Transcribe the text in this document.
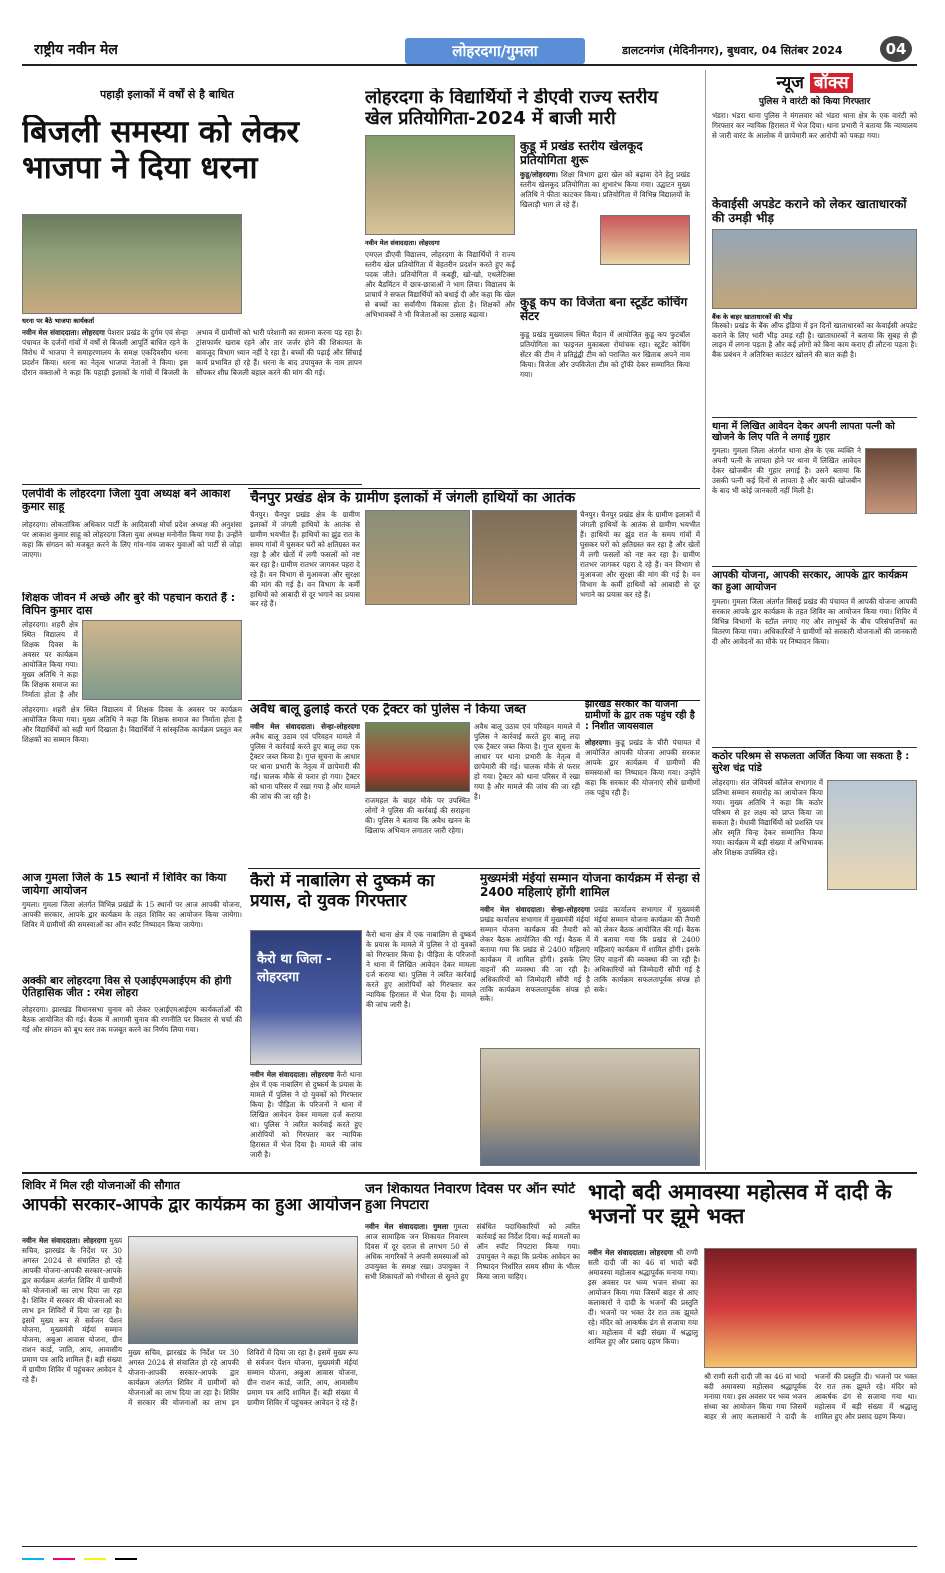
राष्ट्रीय नवीन मेल	लोहरदगा/गुमला	डालटनगंज (मेदिनीनगर), बुधवार, 04 सितंबर 2024	04
पहाड़ी इलाकों में वर्षों से है बाधित
बिजली समस्या को लेकर भाजपा ने दिया धरना
धरना पर बैठे भाजपा कार्यकर्ता

नवीन मेल संवाददाता। लोहरदगा पेशरार प्रखंड के दुर्गम एवं सेन्हा पंचायत के दर्जनों गांवों में वर्षों से बिजली आपूर्ति बाधित रहने के विरोध में भाजपा ने समाहरणालय के समक्ष एकदिवसीय धरना प्रदर्शन किया। धरना का नेतृत्व भाजपा नेताओं ने किया। इस दौरान वक्ताओं ने कहा कि पहाड़ी इलाकों के गांवों में बिजली के अभाव में ग्रामीणों को भारी परेशानी का सामना करना पड़ रहा है। ट्रांसफार्मर खराब रहने और तार जर्जर होने की शिकायत के बावजूद विभाग ध्यान नहीं दे रहा है। बच्चों की पढ़ाई और सिंचाई कार्य प्रभावित हो रहे हैं। धरना के बाद उपायुक्त के नाम ज्ञापन सौंपकर शीघ्र बिजली बहाल करने की मांग की गई।

लोहरदगा के विद्यार्थियों ने डीएवी राज्य स्तरीय खेल प्रतियोगिता-2024 में बाजी मारी
नवीन मेल संवाददाता। लोहरदगा

एमएल डीएवी विद्यालय, लोहरदगा के विद्यार्थियों ने राज्य स्तरीय खेल प्रतियोगिता में बेहतरीन प्रदर्शन करते हुए कई पदक जीते। प्रतियोगिता में कबड्डी, खो-खो, एथलेटिक्स और बैडमिंटन में छात्र-छात्राओं ने भाग लिया। विद्यालय के प्राचार्य ने सफल विद्यार्थियों को बधाई दी और कहा कि खेल से बच्चों का सर्वांगीण विकास होता है। शिक्षकों और अभिभावकों ने भी विजेताओं का उत्साह बढ़ाया।

कुडू में प्रखंड स्तरीय खेलकूद प्रतियोगिता शुरू

कुडू/लोहरदगा। शिक्षा विभाग द्वारा खेल को बढ़ावा देने हेतु प्रखंड स्तरीय खेलकूद प्रतियोगिता का शुभारंभ किया गया। उद्घाटन मुख्य अतिथि ने फीता काटकर किया। प्रतियोगिता में विभिन्न विद्यालयों के खिलाड़ी भाग ले रहे हैं।

कुडू कप का विजेता बना स्टूडेंट कोचिंग सेंटर

कुडू प्रखंड मुख्यालय स्थित मैदान में आयोजित कुडू कप फुटबॉल प्रतियोगिता का फाइनल मुकाबला रोमांचक रहा। स्टूडेंट कोचिंग सेंटर की टीम ने प्रतिद्वंद्वी टीम को पराजित कर खिताब अपने नाम किया। विजेता और उपविजेता टीम को ट्रॉफी देकर सम्मानित किया गया।

न्यूज बॉक्स
पुलिस ने वारंटी को किया गिरफ्तार
भंडरा। भंडरा थाना पुलिस ने मंगलवार को भंडरा थाना क्षेत्र के एक वारंटी को गिरफ्तार कर न्यायिक हिरासत में भेज दिया। थाना प्रभारी ने बताया कि न्यायालय से जारी वारंट के आलोक में छापेमारी कर आरोपी को पकड़ा गया।
केवाईसी अपडेट कराने को लेकर खाताधारकों की उमड़ी भीड़
बैंक के बाहर खाताधारकों की भीड़
किस्को। प्रखंड के बैंक ऑफ इंडिया में इन दिनों खाताधारकों का केवाईसी अपडेट कराने के लिए भारी भीड़ उमड़ रही है। खाताधारकों ने बताया कि सुबह से ही लाइन में लगना पड़ता है और कई लोगों को बिना काम कराए ही लौटना पड़ता है। बैंक प्रबंधन ने अतिरिक्त काउंटर खोलने की बात कही है।
थाना में लिखित आवेदन देकर अपनी लापता पत्नी को खोजने के लिए पति ने लगाई गुहार
गुमला। गुमला जिला अंतर्गत थाना क्षेत्र के एक व्यक्ति ने अपनी पत्नी के लापता होने पर थाना में लिखित आवेदन देकर खोजबीन की गुहार लगाई है। उसने बताया कि उसकी पत्नी कई दिनों से लापता है और काफी खोजबीन के बाद भी कोई जानकारी नहीं मिली है।
आपकी योजना, आपकी सरकार, आपके द्वार कार्यक्रम का हुआ आयोजन
गुमला। गुमला जिला अंतर्गत सिसई प्रखंड की पंचायत में आपकी योजना आपकी सरकार आपके द्वार कार्यक्रम के तहत शिविर का आयोजन किया गया। शिविर में विभिन्न विभागों के स्टॉल लगाए गए और लाभुकों के बीच परिसंपत्तियों का वितरण किया गया। अधिकारियों ने ग्रामीणों को सरकारी योजनाओं की जानकारी दी और आवेदनों का मौके पर निष्पादन किया।
कठोर परिश्रम से सफलता अर्जित किया जा सकता है : सुरेश चंद्र पांडे
लोहरदगा। संत जेवियर्स कॉलेज सभागार में प्रतिभा सम्मान समारोह का आयोजन किया गया। मुख्य अतिथि ने कहा कि कठोर परिश्रम से हर लक्ष्य को प्राप्त किया जा सकता है। मेधावी विद्यार्थियों को प्रशस्ति पत्र और स्मृति चिन्ह देकर सम्मानित किया गया। कार्यक्रम में बड़ी संख्या में अभिभावक और शिक्षक उपस्थित रहे।
चैनपुर प्रखंड क्षेत्र के ग्रामीण इलाकों में जंगली हाथियों का आतंक

चैनपुर। चैनपुर प्रखंड क्षेत्र के ग्रामीण इलाकों में जंगली हाथियों के आतंक से ग्रामीण भयभीत हैं। हाथियों का झुंड रात के समय गांवों में घुसकर घरों को क्षतिग्रस्त कर रहा है और खेतों में लगी फसलों को नष्ट कर रहा है। ग्रामीण रातभर जागकर पहरा दे रहे हैं। वन विभाग से मुआवजा और सुरक्षा की मांग की गई है। वन विभाग के कर्मी हाथियों को आबादी से दूर भगाने का प्रयास कर रहे हैं।

चैनपुर। चैनपुर प्रखंड क्षेत्र के ग्रामीण इलाकों में जंगली हाथियों के आतंक से ग्रामीण भयभीत हैं। हाथियों का झुंड रात के समय गांवों में घुसकर घरों को क्षतिग्रस्त कर रहा है और खेतों में लगी फसलों को नष्ट कर रहा है। ग्रामीण रातभर जागकर पहरा दे रहे हैं। वन विभाग से मुआवजा और सुरक्षा की मांग की गई है। वन विभाग के कर्मी हाथियों को आबादी से दूर भगाने का प्रयास कर रहे हैं।

एलपीवी के लोहरदगा जिला युवा अध्यक्ष बने आकाश कुमार साहू

लोहरदगा। लोकतांत्रिक अधिकार पार्टी के आदिवासी मोर्चा प्रदेश अध्यक्ष की अनुशंसा पर आकाश कुमार साहू को लोहरदगा जिला युवा अध्यक्ष मनोनीत किया गया है। उन्होंने कहा कि संगठन को मजबूत करने के लिए गांव-गांव जाकर युवाओं को पार्टी से जोड़ा जाएगा।

शिक्षक जीवन में अच्छे और बुरे की पहचान कराते हैं : विपिन कुमार दास

लोहरदगा। शहरी क्षेत्र स्थित विद्यालय में शिक्षक दिवस के अवसर पर कार्यक्रम आयोजित किया गया। मुख्य अतिथि ने कहा कि शिक्षक समाज का निर्माता होता है और

लोहरदगा। शहरी क्षेत्र स्थित विद्यालय में शिक्षक दिवस के अवसर पर कार्यक्रम आयोजित किया गया। मुख्य अतिथि ने कहा कि शिक्षक समाज का निर्माता होता है और विद्यार्थियों को सही मार्ग दिखाता है। विद्यार्थियों ने सांस्कृतिक कार्यक्रम प्रस्तुत कर शिक्षकों का सम्मान किया।

आज गुमला जिले के 15 स्थानों में शिविर का किया जायेगा आयोजन

गुमला। गुमला जिला अंतर्गत विभिन्न प्रखंडों के 15 स्थानों पर आज आपकी योजना, आपकी सरकार, आपके द्वार कार्यक्रम के तहत शिविर का आयोजन किया जायेगा। शिविर में ग्रामीणों की समस्याओं का ऑन स्पॉट निष्पादन किया जायेगा।

अक्की बार लोहरदगा विस से एआईएमआईएम की होगी ऐतिहासिक जीत : रमेश लोहरा

लोहरदगा। झारखंड विधानसभा चुनाव को लेकर एआईएमआईएम कार्यकर्ताओं की बैठक आयोजित की गई। बैठक में आगामी चुनाव की रणनीति पर विस्तार से चर्चा की गई और संगठन को बूथ स्तर तक मजबूत करने का निर्णय लिया गया।

अवैध बालू ढुलाई करते एक ट्रैक्टर को पुलिस ने किया जब्त

नवीन मेल संवाददाता। सेन्हा-लोहरदगा अवैध बालू उठाव एवं परिवहन मामले में पुलिस ने कार्रवाई करते हुए बालू लदा एक ट्रैक्टर जब्त किया है। गुप्त सूचना के आधार पर थाना प्रभारी के नेतृत्व में छापेमारी की गई। चालक मौके से फरार हो गया। ट्रैक्टर को थाना परिसर में रखा गया है और मामले की जांच की जा रही है।	राजमहल के बाहर मौके पर उपस्थित लोगों ने पुलिस की कार्रवाई की सराहना की। पुलिस ने बताया कि अवैध खनन के खिलाफ अभियान लगातार जारी रहेगा।

अवैध बालू उठाव एवं परिवहन मामले में पुलिस ने कार्रवाई करते हुए बालू लदा एक ट्रैक्टर जब्त किया है। गुप्त सूचना के आधार पर थाना प्रभारी के नेतृत्व में छापेमारी की गई। चालक मौके से फरार हो गया। ट्रैक्टर को थाना परिसर में रखा गया है और मामले की जांच की जा रही है।

झारखंड सरकार की योजना ग्रामीणों के द्वार तक पहुंच रही है : निशीत जायसवाल

लोहरदगा। कुडू प्रखंड के चीरी पंचायत में आयोजित आपकी योजना आपकी सरकार आपके द्वार कार्यक्रम में ग्रामीणों की समस्याओं का निष्पादन किया गया। उन्होंने कहा कि सरकार की योजनाएं सीधे ग्रामीणों तक पहुंच रही हैं।

कैरो में नाबालिग से दुष्कर्म का प्रयास, दो युवक गिरफ्तार
कैरो था जिला - लोहरदगा

नवीन मेल संवाददाता। लोहरदगा कैरो थाना क्षेत्र में एक नाबालिग से दुष्कर्म के प्रयास के मामले में पुलिस ने दो युवकों को गिरफ्तार किया है। पीड़िता के परिजनों ने थाना में लिखित आवेदन देकर मामला दर्ज कराया था। पुलिस ने त्वरित कार्रवाई करते हुए आरोपियों को गिरफ्तार कर न्यायिक हिरासत में भेज दिया है। मामले की जांच जारी है।

कैरो थाना क्षेत्र में एक नाबालिग से दुष्कर्म के प्रयास के मामले में पुलिस ने दो युवकों को गिरफ्तार किया है। पीड़िता के परिजनों ने थाना में लिखित आवेदन देकर मामला दर्ज कराया था। पुलिस ने त्वरित कार्रवाई करते हुए आरोपियों को गिरफ्तार कर न्यायिक हिरासत में भेज दिया है। मामले की जांच जारी है।

मुख्यमंत्री मंईयां सम्मान योजना कार्यक्रम में सेन्हा से 2400 महिलाएं होंगी शामिल

नवीन मेल संवाददाता। सेन्हा-लोहरदगा प्रखंड कार्यालय सभागार में मुख्यमंत्री मंईयां सम्मान योजना कार्यक्रम की तैयारी को लेकर बैठक आयोजित की गई। बैठक में बताया गया कि प्रखंड से 2400 महिलाएं कार्यक्रम में शामिल होंगी। इसके लिए वाहनों की व्यवस्था की जा रही है। अधिकारियों को जिम्मेदारी सौंपी गई है ताकि कार्यक्रम सफलतापूर्वक संपन्न हो सके।

प्रखंड कार्यालय सभागार में मुख्यमंत्री मंईयां सम्मान योजना कार्यक्रम की तैयारी को लेकर बैठक आयोजित की गई। बैठक में बताया गया कि प्रखंड से 2400 महिलाएं कार्यक्रम में शामिल होंगी। इसके लिए वाहनों की व्यवस्था की जा रही है। अधिकारियों को जिम्मेदारी सौंपी गई है ताकि कार्यक्रम सफलतापूर्वक संपन्न हो सके।

शिविर में मिल रही योजनाओं की सौगात
आपकी सरकार-आपके द्वार कार्यक्रम का हुआ आयोजन

नवीन मेल संवाददाता। लोहरदगा मुख्य सचिव, झारखंड के निर्देश पर 30 अगस्त 2024 से संचालित हो रहे आपकी योजना-आपकी सरकार-आपके द्वार कार्यक्रम अंतर्गत शिविर में ग्रामीणों को योजनाओं का लाभ दिया जा रहा है। शिविर में सरकार की योजनाओं का लाभ इन शिविरों में दिया जा रहा है। इसमें मुख्य रूप से सर्वजन पेंशन योजना, मुख्यमंत्री मंईयां सम्मान योजना, अबुआ आवास योजना, ग्रीन राशन कार्ड, जाति, आय, आवासीय प्रमाण पत्र आदि शामिल हैं। बड़ी संख्या में ग्रामीण शिविर में पहुंचकर आवेदन दे रहे हैं।

मुख्य सचिव, झारखंड के निर्देश पर 30 अगस्त 2024 से संचालित हो रहे आपकी योजना-आपकी सरकार-आपके द्वार कार्यक्रम अंतर्गत शिविर में ग्रामीणों को योजनाओं का लाभ दिया जा रहा है। शिविर में सरकार की योजनाओं का लाभ इन शिविरों में दिया जा रहा है। इसमें मुख्य रूप से सर्वजन पेंशन योजना, मुख्यमंत्री मंईयां सम्मान योजना, अबुआ आवास योजना, ग्रीन राशन कार्ड, जाति, आय, आवासीय प्रमाण पत्र आदि शामिल हैं। बड़ी संख्या में ग्रामीण शिविर में पहुंचकर आवेदन दे रहे हैं।

जन शिकायत निवारण दिवस पर ऑन स्पोर्ट हुआ निपटारा

नवीन मेल संवाददाता। गुमला गुमला आज सामाहिक जन शिकायत निवारण दिवस में दूर दराज से लगभग 50 से अधिक नागरिकों ने अपनी समस्याओं को उपायुक्त के समक्ष रखा। उपायुक्त ने सभी शिकायतों को गंभीरता से सुनते हुए संबंधित पदाधिकारियों को त्वरित कार्रवाई का निर्देश दिया। कई मामलों का ऑन स्पॉट निपटारा किया गया। उपायुक्त ने कहा कि प्रत्येक आवेदन का निष्पादन निर्धारित समय सीमा के भीतर किया जाना चाहिए।

भादो बदी अमावस्या महोत्सव में दादी के भजनों पर झूमे भक्त

नवीन मेल संवाददाता। लोहरदगा श्री राणी सती दादी जी का 46 वां भादो बदी अमावस्या महोत्सव श्रद्धापूर्वक मनाया गया। इस अवसर पर भव्य भजन संध्या का आयोजन किया गया जिसमें बाहर से आए कलाकारों ने दादी के भजनों की प्रस्तुति दी। भजनों पर भक्त देर रात तक झूमते रहे। मंदिर को आकर्षक ढंग से सजाया गया था। महोत्सव में बड़ी संख्या में श्रद्धालु शामिल हुए और प्रसाद ग्रहण किया।

श्री राणी सती दादी जी का 46 वां भादो बदी अमावस्या महोत्सव श्रद्धापूर्वक मनाया गया। इस अवसर पर भव्य भजन संध्या का आयोजन किया गया जिसमें बाहर से आए कलाकारों ने दादी के भजनों की प्रस्तुति दी। भजनों पर भक्त देर रात तक झूमते रहे। मंदिर को आकर्षक ढंग से सजाया गया था। महोत्सव में बड़ी संख्या में श्रद्धालु शामिल हुए और प्रसाद ग्रहण किया।
